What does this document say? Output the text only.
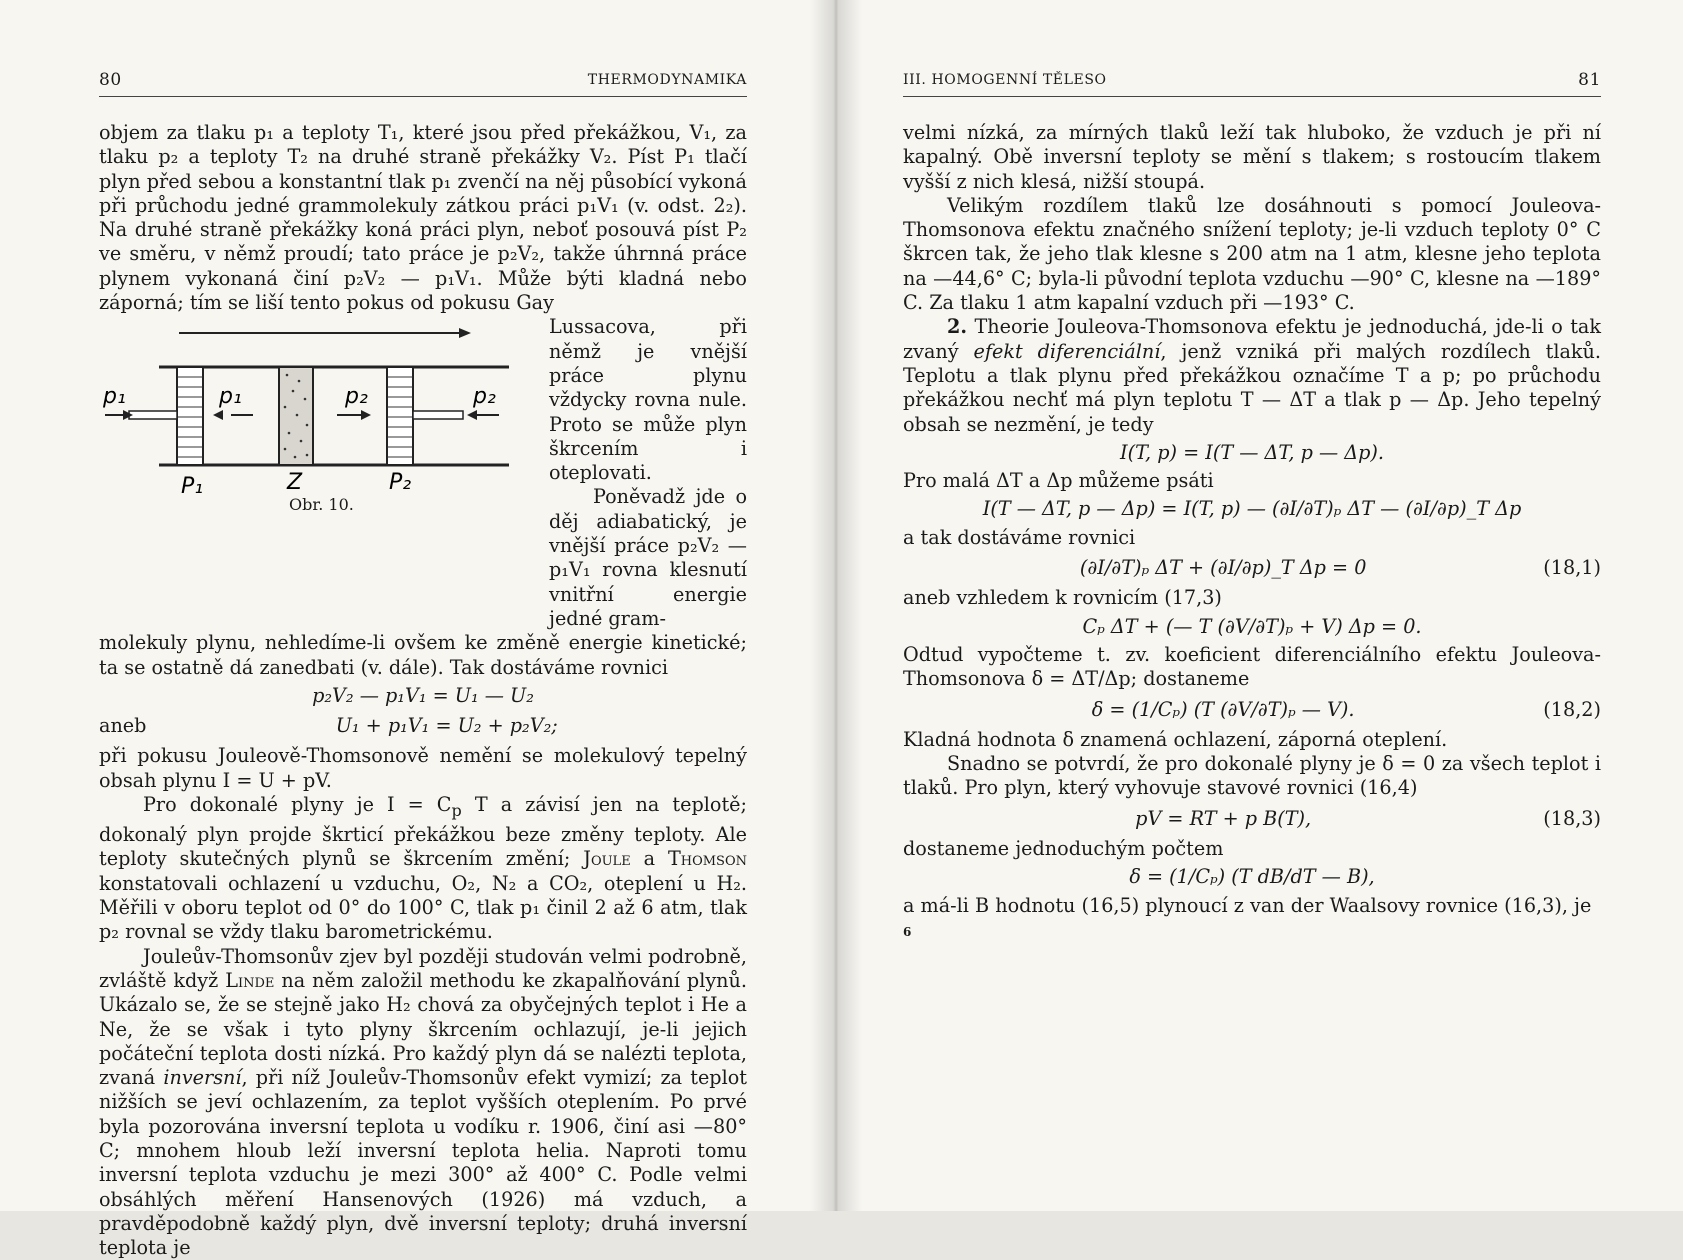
80	THERMODYNAMIKA

objem za tlaku p₁ a teploty T₁, které jsou před překážkou, V₁, za tlaku p₂ a teploty T₂ na druhé straně překážky V₂. Píst P₁ tlačí plyn před sebou a konstantní tlak p₁ zvenčí na něj působící vykoná při průchodu jedné grammolekuly zátkou práci p₁V₁ (v. odst. 2₂). Na druhé straně překážky koná práci plyn, neboť posouvá píst P₂ ve směru, v němž proudí; tato práce je p₂V₂, takže úhrnná práce plynem vykonaná činí p₂V₂ — p₁V₁. Může býti kladná nebo záporná; tím se liší tento pokus od pokusu Gay

p₁	p₁	p₂	p₂
P₁	Z	P₂
Obr. 10.

Lussacova, při němž je vnější práce plynu vždycky rovna nule. Proto se může plyn škrcením i oteplovati.

Poněvadž jde o děj adiabatický, je vnější práce p₂V₂ — p₁V₁ rovna klesnutí vnitřní energie jedné gram-

molekuly plynu, nehledíme-li ovšem ke změně energie kinetické; ta se ostatně dá zanedbati (v. dále). Tak dostáváme rovnici

p₂V₂ — p₁V₁ = U₁ — U₂
aneb	U₁ + p₁V₁ = U₂ + p₂V₂;

při pokusu Jouleově-Thomsonově nemění se molekulový tepelný obsah plynu I = U + pV.

Pro dokonalé plyny je $I = C_p$ T a závisí jen na teplotě; dokonalý plyn projde škrticí překážkou beze změny teploty. Ale teploty skutečných plynů se škrcením změní; Joule a Thomson konstatovali ochlazení u vzduchu, O₂, N₂ a CO₂, oteplení u H₂. Měřili v oboru teplot od 0° do 100° C, tlak p₁ činil 2 až 6 atm, tlak p₂ rovnal se vždy tlaku barometrickému.

Jouleův-Thomsonův zjev byl později studován velmi podrobně, zvláště když Linde na něm založil methodu ke zkapalňování plynů. Ukázalo se, že se stejně jako H₂ chová za obyčejných teplot i He a Ne, že se však i tyto plyny škrcením ochlazují, je-li jejich počáteční teplota dosti nízká. Pro každý plyn dá se nalézti teplota, zvaná inversní, při níž Jouleův-Thomsonův efekt vymizí; za teplot nižších se jeví ochlazením, za teplot vyšších oteplením. Po prvé byla pozorována inversní teplota u vodíku r. 1906, činí asi —80° C; mnohem hloub leží inversní teplota helia. Naproti tomu inversní teplota vzduchu je mezi 300° až 400° C. Podle velmi obsáhlých měření Hansenových (1926) má vzduch, a pravděpodobně každý plyn, dvě inversní teploty; druhá inversní teplota je

III. HOMOGENNÍ TĚLESO	81

velmi nízká, za mírných tlaků leží tak hluboko, že vzduch je při ní kapalný. Obě inversní teploty se mění s tlakem; s rostoucím tlakem vyšší z nich klesá, nižší stoupá.

Velikým rozdílem tlaků lze dosáhnouti s pomocí Jouleova-Thomsonova efektu značného snížení teploty; je-li vzduch teploty 0° C škrcen tak, že jeho tlak klesne s 200 atm na 1 atm, klesne jeho teplota na —44,6° C; byla-li původní teplota vzduchu —90° C, klesne na —189° C. Za tlaku 1 atm kapalní vzduch při —193° C.

2. Theorie Jouleova-Thomsonova efektu je jednoduchá, jde-li o tak zvaný efekt diferenciální, jenž vzniká při malých rozdílech tlaků. Teplotu a tlak plynu před překážkou označíme T a p; po průchodu překážkou nechť má plyn teplotu T — ΔT a tlak p — Δp. Jeho tepelný obsah se nezmění, je tedy

I(T, p) = I(T — ΔT, p — Δp).

Pro malá ΔT a Δp můžeme psáti

I(T — ΔT, p — Δp) = I(T, p) — (∂I/∂T)ₚ ΔT — (∂I/∂p)_T Δp

a tak dostáváme rovnici

(∂I/∂T)ₚ ΔT + (∂I/∂p)_T Δp = 0	(18,1)

aneb vzhledem k rovnicím (17,3)

Cₚ ΔT + (— T (∂V/∂T)ₚ + V) Δp = 0.

Odtud vypočteme t. zv. koeficient diferenciálního efektu Jouleova-Thomsonova δ = ΔT/Δp; dostaneme

δ = (1/Cₚ) (T (∂V/∂T)ₚ — V).	(18,2)

Kladná hodnota δ znamená ochlazení, záporná oteplení.

Snadno se potvrdí, že pro dokonalé plyny je δ = 0 za všech teplot i tlaků. Pro plyn, který vyhovuje stavové rovnici (16,4)

pV = RT + p B(T),	(18,3)

dostaneme jednoduchým počtem

δ = (1/Cₚ) (T dB/dT — B),

a má-li B hodnotu (16,5) plynoucí z van der Waalsovy rovnice (16,3), je

6
